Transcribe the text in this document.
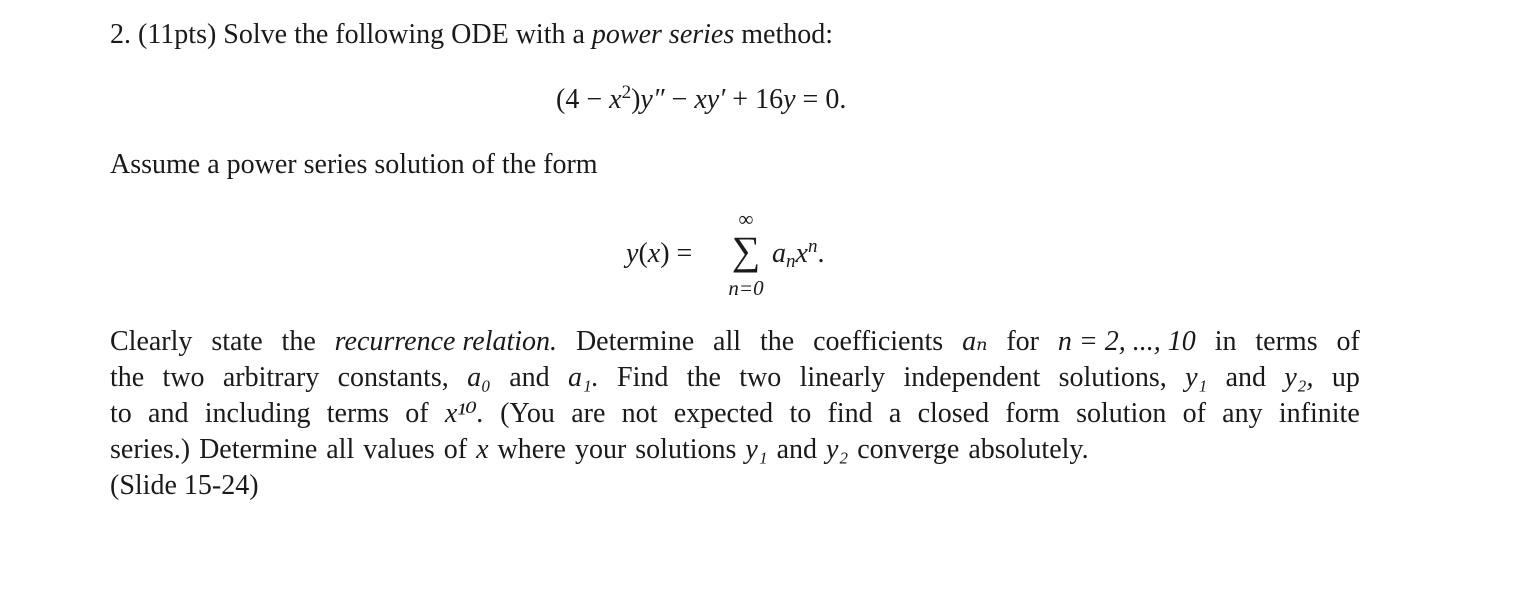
2. (11pts) Solve the following ODE with a power series method:
$(4 - x^2)y'' - xy' + 16y = 0$.
Assume a power series solution of the form
y(x) =
∞
∑
n=0
anx$^n$.
Clearly state the recurrence relation. Determine all the coefficients aₙ for n = 2, ..., 10 in terms of
the two arbitrary constants, a₀ and a₁. Find the two linearly independent solutions, y₁ and y₂, up
to and including terms of x¹⁰. (You are not expected to find a closed form solution of any infinite
series.) Determine all values of x where your solutions y₁ and y₂ converge absolutely.
(Slide 15-24)
